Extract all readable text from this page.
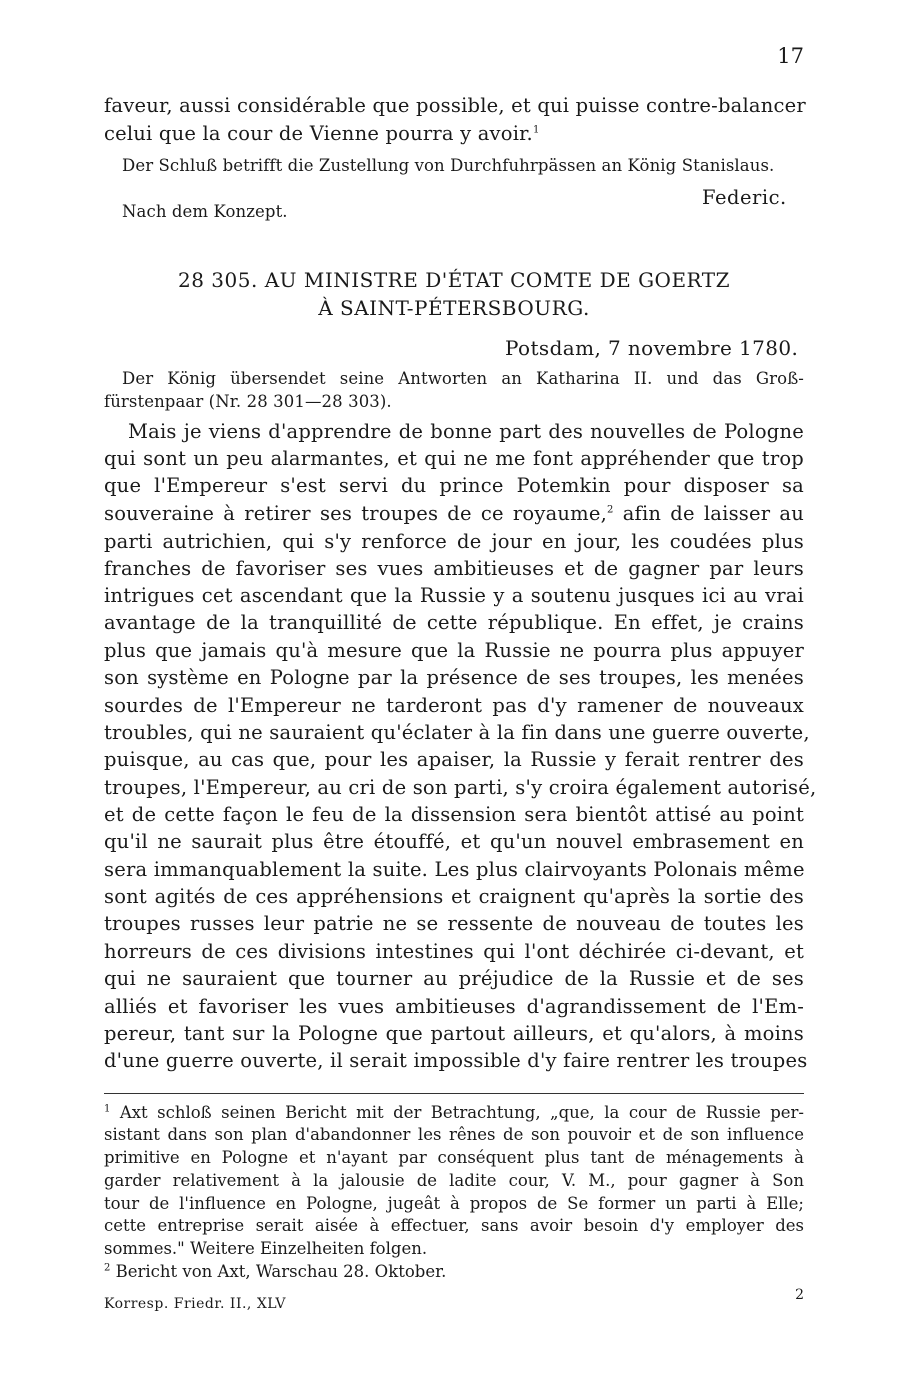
17
faveur, aussi considérable que possible, et qui puisse contre-balancer
celui que la cour de Vienne pourra y avoir.$^1$
Der Schluß betrifft die Zustellung von Durchfuhrpässen an König Stanislaus.
Federic.
Nach dem Konzept.
28 305. AU MINISTRE D'ÉTAT COMTE DE GOERTZ
À SAINT-PÉTERSBOURG.
Potsdam, 7 novembre 1780.
Der König übersendet seine Antworten an Katharina II. und das Groß-
fürstenpaar (Nr. 28 301—28 303).
Mais je viens d'apprendre de bonne part des nouvelles de Pologne
qui sont un peu alarmantes, et qui ne me font appréhender que trop
que l'Empereur s'est servi du prince Potemkin pour disposer sa
souveraine à retirer ses troupes de ce royaume,$^2$ afin de laisser au
parti autrichien, qui s'y renforce de jour en jour, les coudées plus
franches de favoriser ses vues ambitieuses et de gagner par leurs
intrigues cet ascendant que la Russie y a soutenu jusques ici au vrai
avantage de la tranquillité de cette république. En effet, je crains
plus que jamais qu'à mesure que la Russie ne pourra plus appuyer
son système en Pologne par la présence de ses troupes, les menées
sourdes de l'Empereur ne tarderont pas d'y ramener de nouveaux
troubles, qui ne sauraient qu'éclater à la fin dans une guerre ouverte,
puisque, au cas que, pour les apaiser, la Russie y ferait rentrer des
troupes, l'Empereur, au cri de son parti, s'y croira également autorisé,
et de cette façon le feu de la dissension sera bientôt attisé au point
qu'il ne saurait plus être étouffé, et qu'un nouvel embrasement en
sera immanquablement la suite. Les plus clairvoyants Polonais même
sont agités de ces appréhensions et craignent qu'après la sortie des
troupes russes leur patrie ne se ressente de nouveau de toutes les
horreurs de ces divisions intestines qui l'ont déchirée ci-devant, et
qui ne sauraient que tourner au préjudice de la Russie et de ses
alliés et favoriser les vues ambitieuses d'agrandissement de l'Em-
pereur, tant sur la Pologne que partout ailleurs, et qu'alors, à moins
d'une guerre ouverte, il serait impossible d'y faire rentrer les troupes
$^1$ Axt schloß seinen Bericht mit der Betrachtung, „que, la cour de Russie per-
sistant dans son plan d'abandonner les rênes de son pouvoir et de son influence
primitive en Pologne et n'ayant par conséquent plus tant de ménagements à
garder relativement à la jalousie de ladite cour, V. M., pour gagner à Son
tour de l'influence en Pologne, jugeât à propos de Se former un parti à Elle;
cette entreprise serait aisée à effectuer, sans avoir besoin d'y employer des
sommes." Weitere Einzelheiten folgen.
$^2$ Bericht von Axt, Warschau 28. Oktober.
Korresp. Friedr. II., XLV
2
